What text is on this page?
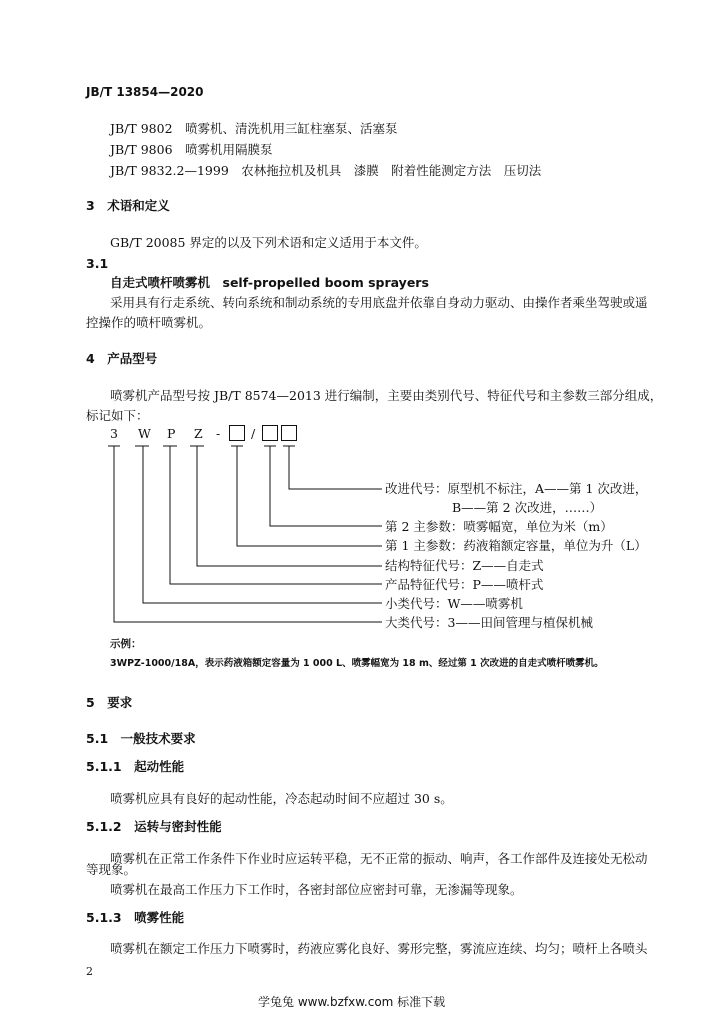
JB/T 13854—2020
JB/T 9802　喷雾机、清洗机用三缸柱塞泵、活塞泵
JB/T 9806　喷雾机用隔膜泵
JB/T 9832.2—1999　农林拖拉机及机具　漆膜　附着性能测定方法　压切法
3　术语和定义
GB/T 20085 界定的以及下列术语和定义适用于本文件。
3.1
自走式喷杆喷雾机　self-propelled boom sprayers
采用具有行走系统、转向系统和制动系统的专用底盘并依靠自身动力驱动、由操作者乘坐驾驶或遥
控操作的喷杆喷雾机。
4　产品型号
喷雾机产品型号按 JB/T 8574—2013 进行编制，主要由类别代号、特征代号和主参数三部分组成，
标记如下：
3 W P Z - /
改进代号：原型机不标注，A——第 1 次改进，
B——第 2 次改进，……）
第 2 主参数：喷雾幅宽，单位为米（m）
第 1 主参数：药液箱额定容量，单位为升（L）
结构特征代号：Z——自走式
产品特征代号：P——喷杆式
小类代号：W——喷雾机
大类代号：3——田间管理与植保机械
示例：
3WPZ-1000/18A，表示药液箱额定容量为 1 000 L、喷雾幅宽为 18 m、经过第 1 次改进的自走式喷杆喷雾机。
5　要求
5.1　一般技术要求
5.1.1　起动性能
喷雾机应具有良好的起动性能，冷态起动时间不应超过 30 s。
5.1.2　运转与密封性能
喷雾机在正常工作条件下作业时应运转平稳，无不正常的振动、响声，各工作部件及连接处无松动
等现象。
喷雾机在最高工作压力下工作时，各密封部位应密封可靠，无渗漏等现象。
5.1.3　喷雾性能
喷雾机在额定工作压力下喷雾时，药液应雾化良好、雾形完整，雾流应连续、均匀；喷杆上各喷头
2
学兔兔 www.bzfxw.com 标准下载
